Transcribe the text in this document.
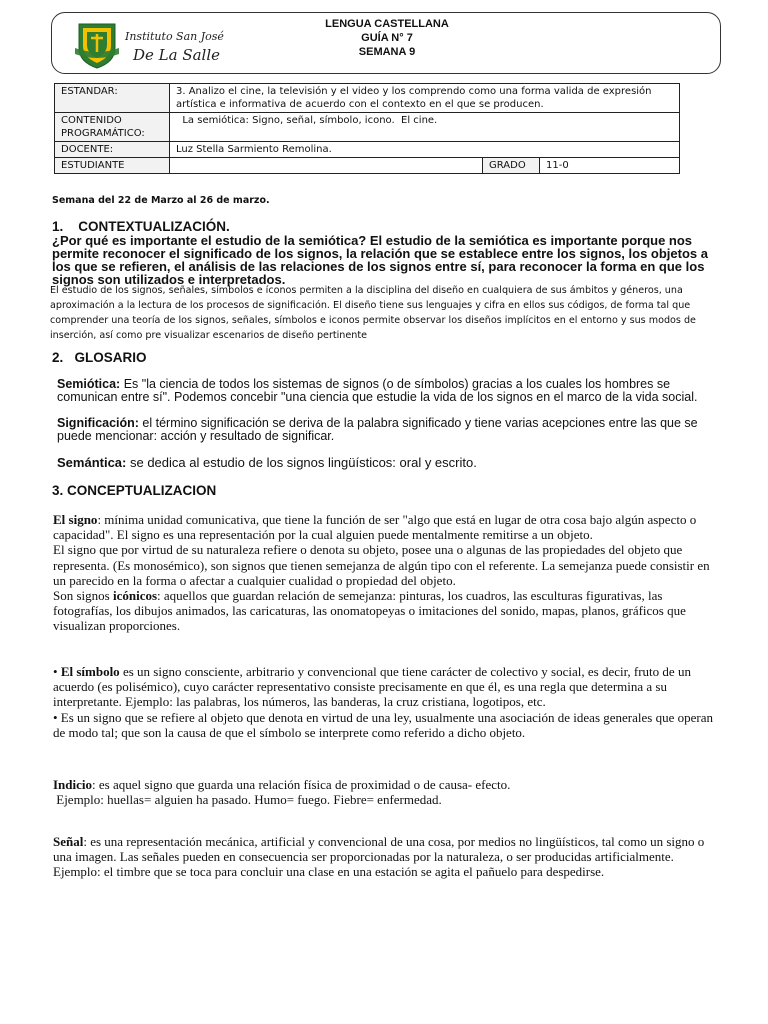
Instituto San José
De La Salle
LENGUA CASTELLANA
GUÍA N° 7
SEMANA 9
ESTANDAR:	3. Analizo el cine, la televisión y el video y los comprendo como una forma valida de expresión artística e informativa de acuerdo con el contexto en el que se producen.		
CONTENIDO PROGRAMÁTICO:	La semiótica: Signo, señal, símbolo, icono.  El cine.		
DOCENTE:	Luz Stella Sarmiento Remolina.		
ESTUDIANTE		GRADO	11-0
Semana del 22 de Marzo al 26 de marzo.
1.    CONTEXTUALIZACIÓN.
¿Por qué es importante el estudio de la semiótica? El estudio de la semiótica es importante porque nos permite reconocer el significado de los signos, la relación que se establece entre los signos, los objetos a los que se refieren, el análisis de las relaciones de los signos entre sí, para reconocer la forma en que los signos son utilizados e interpretados.
El estudio de los signos, señales, símbolos e íconos permiten a la disciplina del diseño en cualquiera de sus ámbitos y géneros, una aproximación a la lectura de los procesos de significación. El diseño tiene sus lenguajes y cifra en ellos sus códigos, de forma tal que comprender una teoría de los signos, señales, símbolos e iconos permite observar los diseños implícitos en el entorno y sus modos de inserción, así como pre visualizar escenarios de diseño pertinente
2.   GLOSARIO
Semiótica: Es "la ciencia de todos los sistemas de signos (o de símbolos) gracias a los cuales los hombres se comunican entre sí". Podemos concebir "una ciencia que estudie la vida de los signos en el marco de la vida social.
Significación: el término significación se deriva de la palabra significado y tiene varias acepciones entre las que se puede mencionar: acción y resultado de significar.
Semántica: se dedica al estudio de los signos lingüísticos: oral y escrito.
3. CONCEPTUALIZACION

El signo: mínima unidad comunicativa, que tiene la función de ser "algo que está en lugar de otra cosa bajo algún aspecto o capacidad". El signo es una representación por la cual alguien puede mentalmente remitirse a un objeto.

El signo que por virtud de su naturaleza refiere o denota su objeto, posee una o algunas de las propiedades del objeto que representa. (Es monosémico), son signos que tienen semejanza de algún tipo con el referente. La semejanza puede consistir en un parecido en la forma o afectar a cualquier cualidad o propiedad del objeto.

Son signos icónicos: aquellos que guardan relación de semejanza: pinturas, los cuadros, las esculturas figurativas, las fotografías, los dibujos animados, las caricaturas, las onomatopeyas o imitaciones del sonido, mapas, planos, gráficos que visualizan proporciones.

• El símbolo es un signo consciente, arbitrario y convencional que tiene carácter de colectivo y social, es decir, fruto de un acuerdo (es polisémico), cuyo carácter representativo consiste precisamente en que él, es una regla que determina a su interpretante. Ejemplo: las palabras, los números, las banderas, la cruz cristiana, logotipos, etc.

• Es un signo que se refiere al objeto que denota en virtud de una ley, usualmente una asociación de ideas generales que operan de modo tal; que son la causa de que el símbolo se interprete como referido a dicho objeto.

Indicio: es aquel signo que guarda una relación física de proximidad o de causa- efecto.

Ejemplo: huellas= alguien ha pasado. Humo= fuego. Fiebre= enfermedad.

Señal: es una representación mecánica, artificial y convencional de una cosa, por medios no lingüísticos, tal como un signo o una imagen. Las señales pueden en consecuencia ser proporcionadas por la naturaleza, o ser producidas artificialmente. Ejemplo: el timbre que se toca para concluir una clase en una estación se agita el pañuelo para despedirse.
